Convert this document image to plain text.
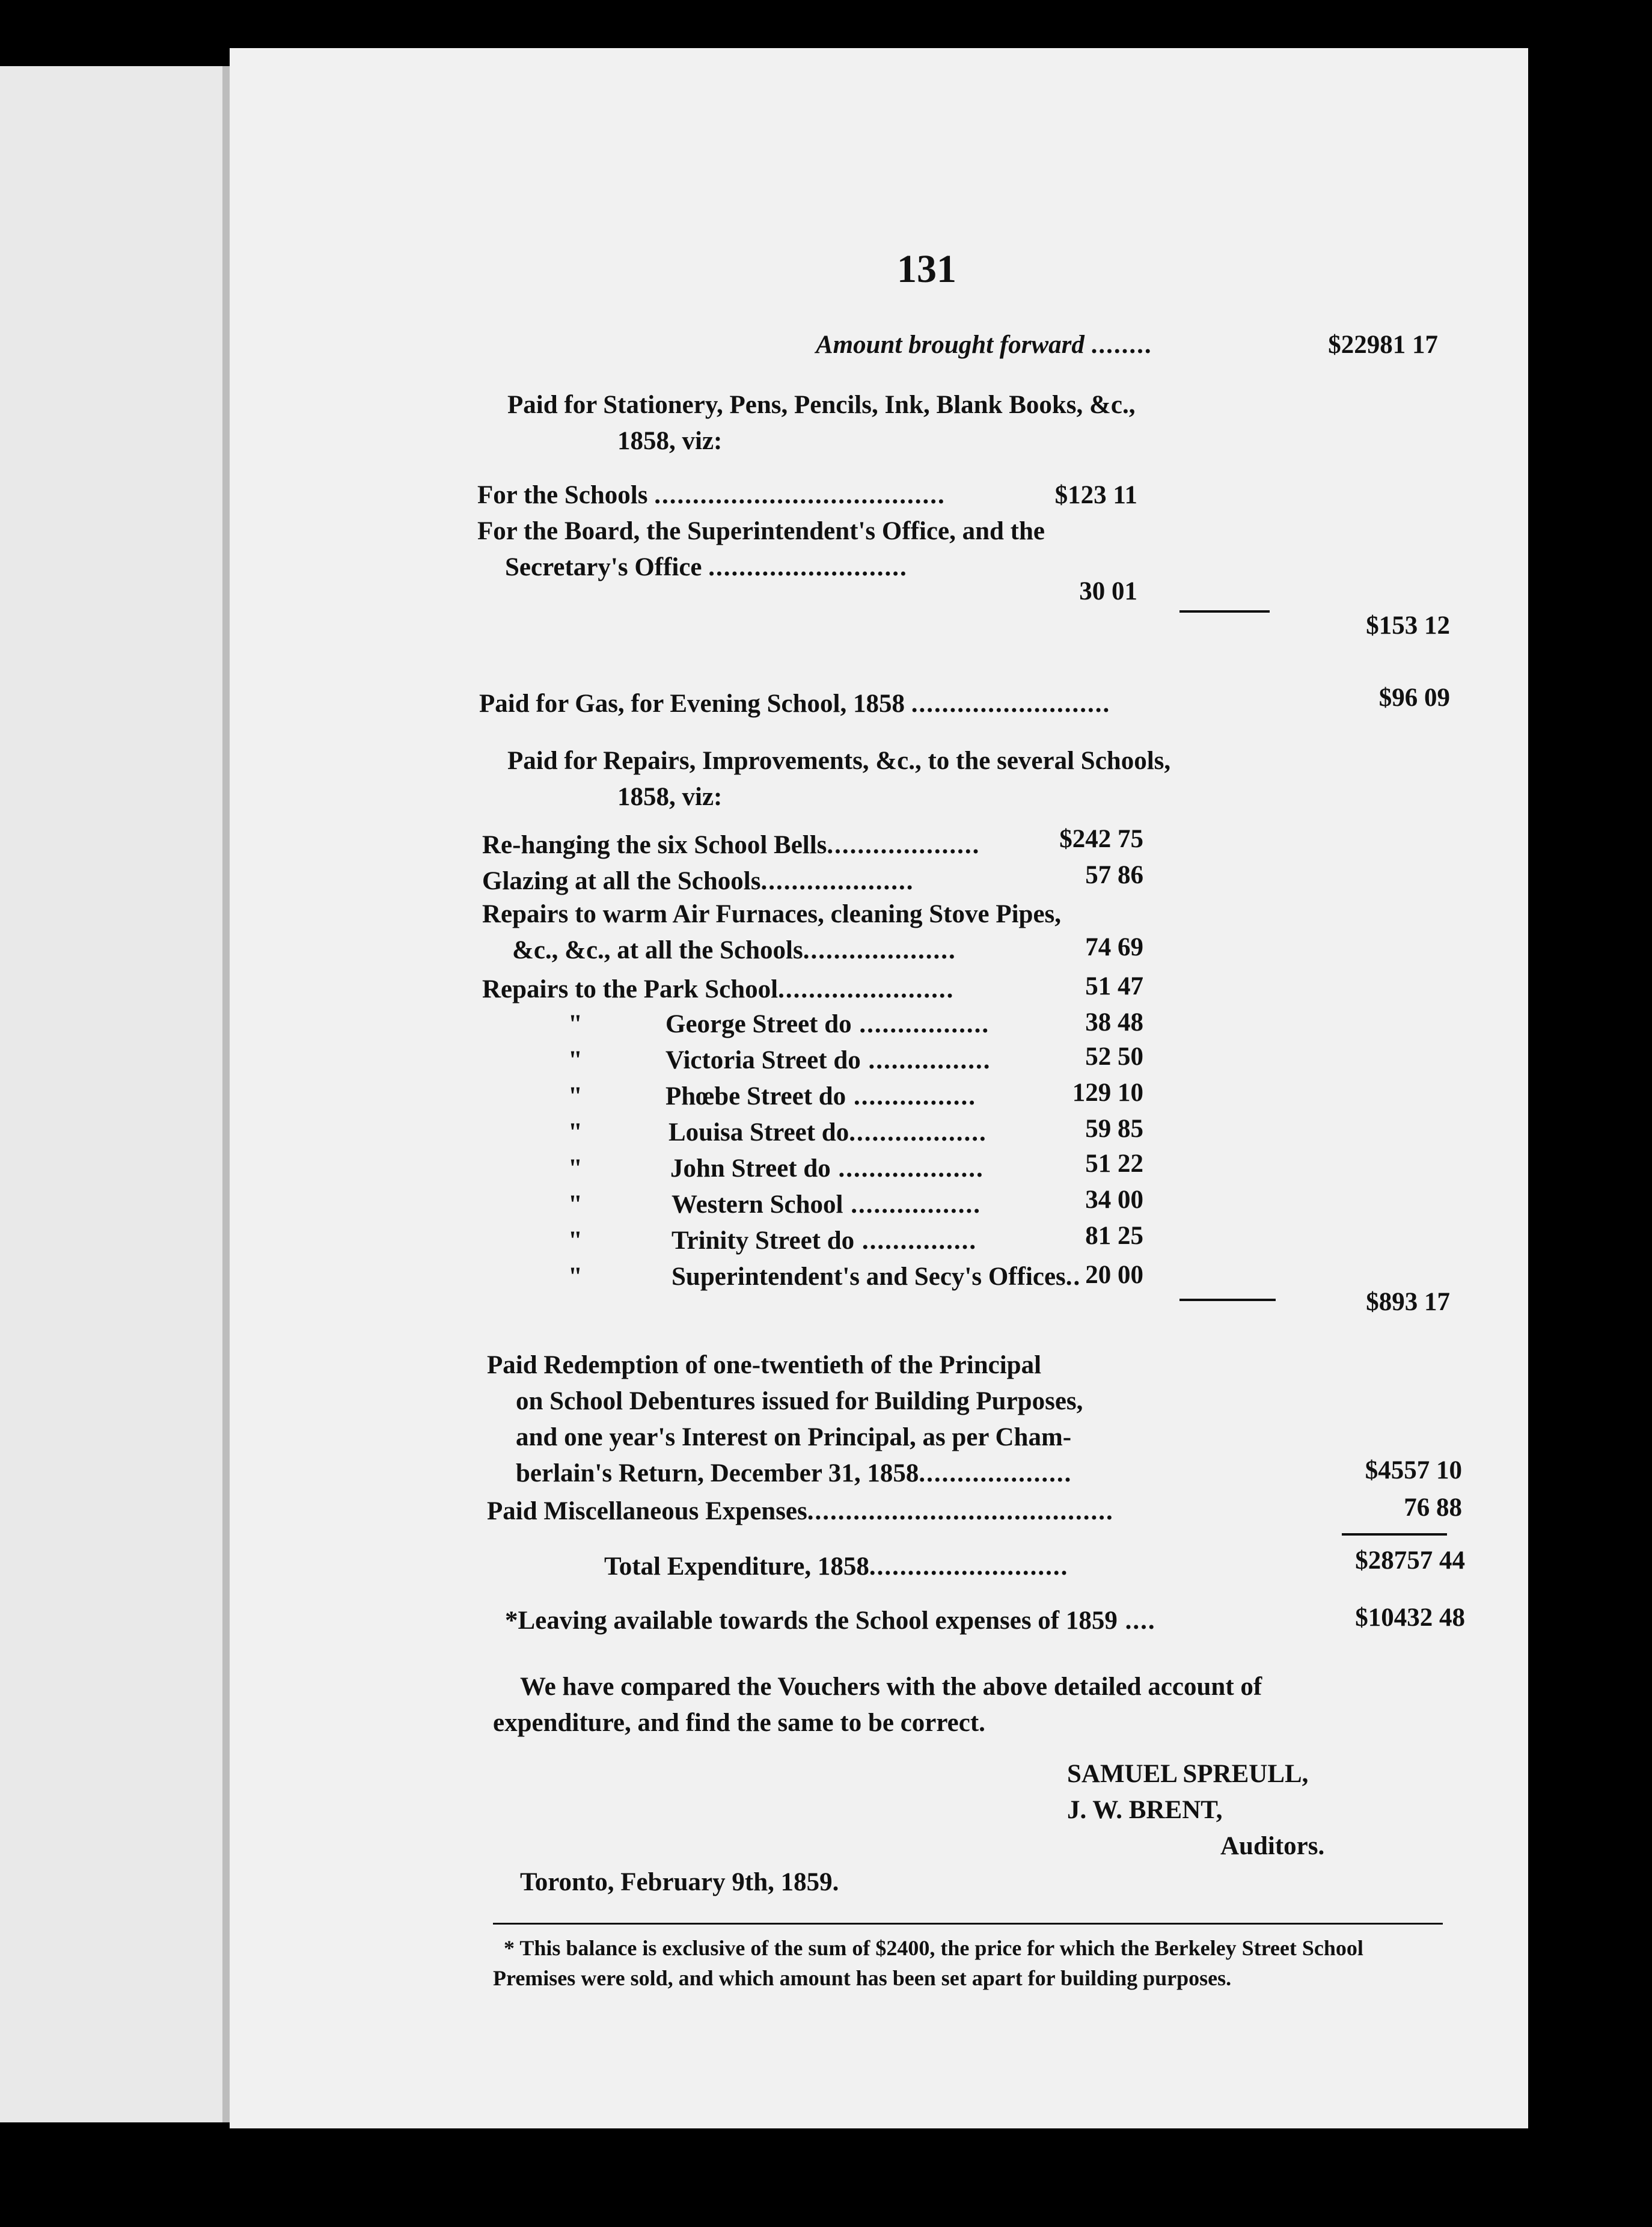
131
Amount brought forward ........	$22981 17
Paid for Stationery, Pens, Pencils, Ink, Blank Books, &c.,
1858, viz:
For the Schools ......................................	$123 11
For the Board, the Superintendent's Office, and the
Secretary's Office ..........................
30 01
$153 12
Paid for Gas, for Evening School, 1858 ..........................	$96 09
Paid for Repairs, Improvements, &c., to the several Schools,
1858, viz:
Re-hanging the six School Bells....................	$242 75
Glazing at all the Schools....................	57 86
Repairs to warm Air Furnaces, cleaning Stove Pipes,
&c., &c., at all the Schools....................	74 69
Repairs to the Park School.......................	51 47
"	George Street do .................	38 48
"	Victoria Street do ................	52 50
"	Phœbe Street do ................	129 10
"	Louisa Street do..................	59 85
"	John Street do ...................	51 22
"	Western School .................	34 00
"	Trinity Street do ...............	81 25
"	Superintendent's and Secy's Offices.. 20 00
$893 17
Paid Redemption of one-twentieth of the Principal
on School Debentures issued for Building Purposes,
and one year's Interest on Principal, as per Cham-
berlain's Return, December 31, 1858....................	$4557 10
Paid Miscellaneous Expenses........................................	76 88
Total Expenditure, 1858..........................	$28757 44
*Leaving available towards the School expenses of 1859 ....	$10432 48
We have compared the Vouchers with the above detailed account of
expenditure, and find the same to be correct.
SAMUEL SPREULL,
J. W. BRENT,
Auditors.
Toronto, February 9th, 1859.
* This balance is exclusive of the sum of $2400, the price for which the Berkeley Street School Premises were sold, and which amount has been set apart for building purposes.
